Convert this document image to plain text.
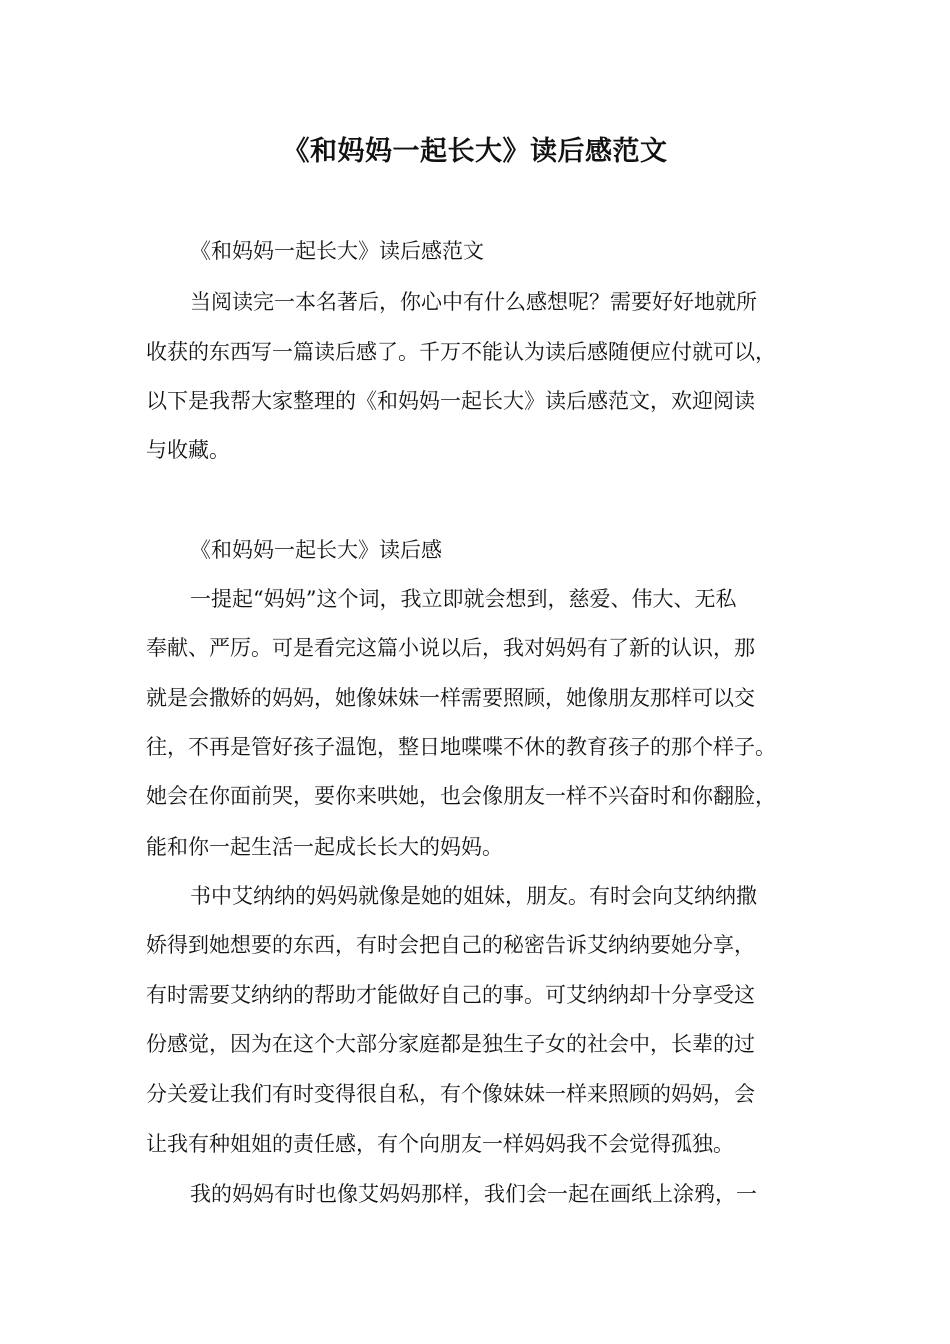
《和妈妈一起长大》读后感范文
《和妈妈一起长大》读后感范文
当阅读完一本名著后，你心中有什么感想呢？需要好好地就所
收获的东西写一篇读后感了。千万不能认为读后感随便应付就可以，
以下是我帮大家整理的《和妈妈一起长大》读后感范文，欢迎阅读
与收藏。
《和妈妈一起长大》读后感
一提起“妈妈”这个词，我立即就会想到，慈爱、伟大、无私
奉献、严厉。可是看完这篇小说以后，我对妈妈有了新的认识，那
就是会撒娇的妈妈，她像妹妹一样需要照顾，她像朋友那样可以交
往，不再是管好孩子温饱，整日地喋喋不休的教育孩子的那个样子。
她会在你面前哭，要你来哄她，也会像朋友一样不兴奋时和你翻脸，
能和你一起生活一起成长长大的妈妈。
书中艾纳纳的妈妈就像是她的姐妹，朋友。有时会向艾纳纳撒
娇得到她想要的东西，有时会把自己的秘密告诉艾纳纳要她分享，
有时需要艾纳纳的帮助才能做好自己的事。可艾纳纳却十分享受这
份感觉，因为在这个大部分家庭都是独生子女的社会中，长辈的过
分关爱让我们有时变得很自私，有个像妹妹一样来照顾的妈妈，会
让我有种姐姐的责任感，有个向朋友一样妈妈我不会觉得孤独。
我的妈妈有时也像艾妈妈那样，我们会一起在画纸上涂鸦，一
